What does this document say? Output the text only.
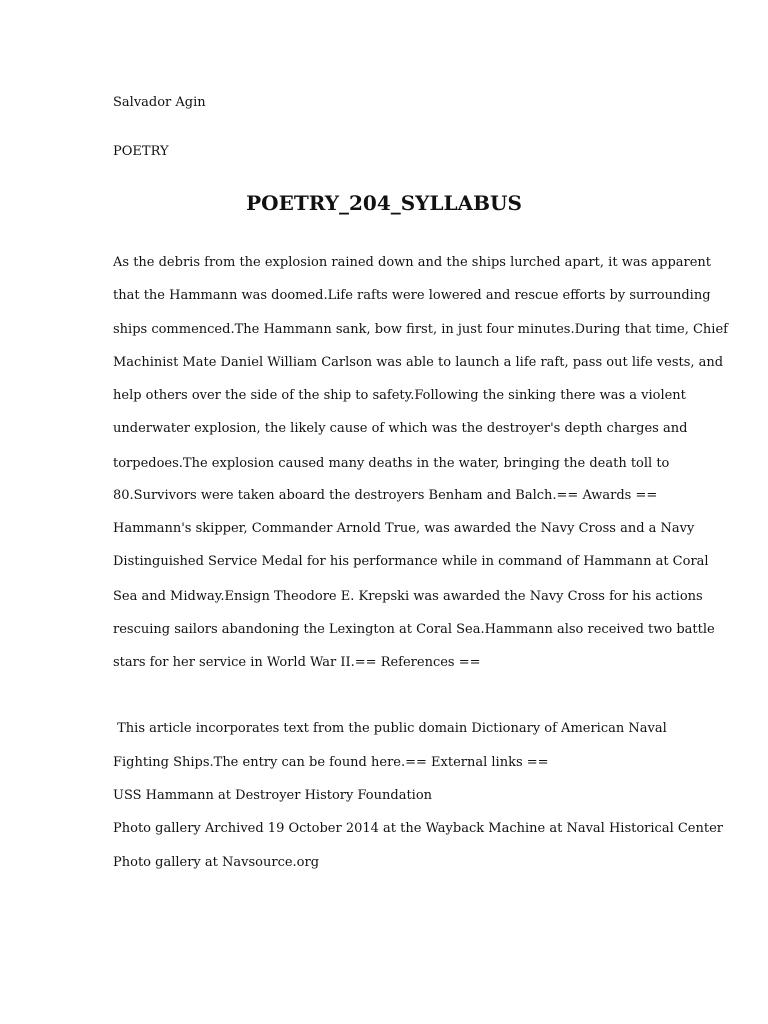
Salvador Agin
POETRY
POETRY_204_SYLLABUS
As the debris from the explosion rained down and the ships lurched apart, it was apparent
that the Hammann was doomed.Life rafts were lowered and rescue efforts by surrounding
ships commenced.The Hammann sank, bow first, in just four minutes.During that time, Chief
Machinist Mate Daniel William Carlson was able to launch a life raft, pass out life vests, and
help others over the side of the ship to safety.Following the sinking there was a violent
underwater explosion, the likely cause of which was the destroyer's depth charges and
torpedoes.The explosion caused many deaths in the water, bringing the death toll to
80.Survivors were taken aboard the destroyers Benham and Balch.== Awards ==
Hammann's skipper, Commander Arnold True, was awarded the Navy Cross and a Navy
Distinguished Service Medal for his performance while in command of Hammann at Coral
Sea and Midway.Ensign Theodore E. Krepski was awarded the Navy Cross for his actions
rescuing sailors abandoning the Lexington at Coral Sea.Hammann also received two battle
stars for her service in World War II.== References ==
This article incorporates text from the public domain Dictionary of American Naval
Fighting Ships.The entry can be found here.== External links ==
USS Hammann at Destroyer History Foundation
Photo gallery Archived 19 October 2014 at the Wayback Machine at Naval Historical Center
Photo gallery at Navsource.org
